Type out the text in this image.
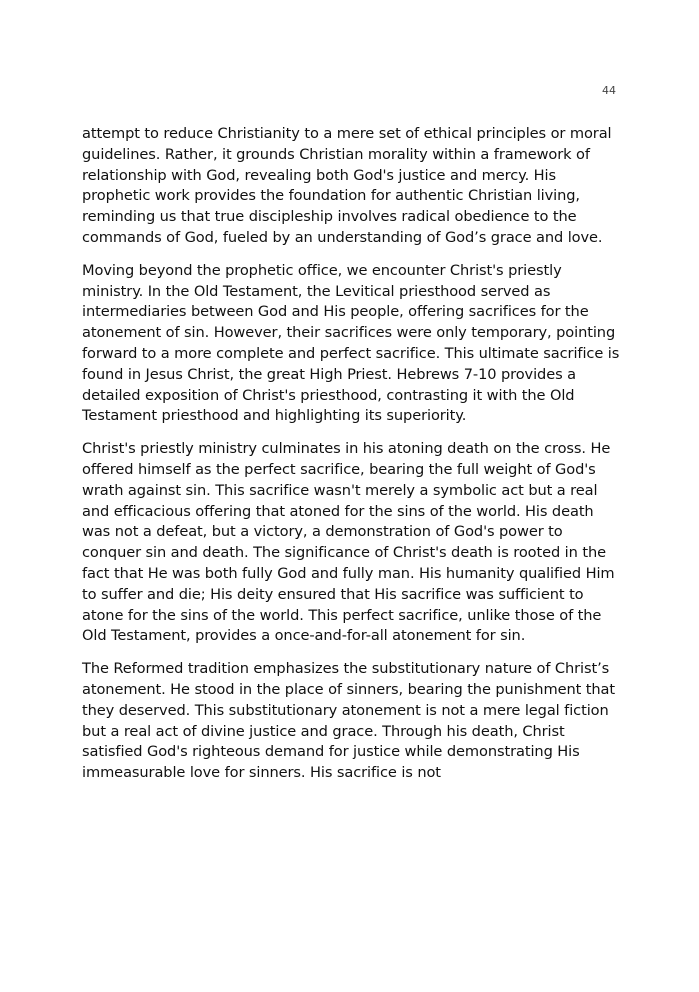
44

attempt to reduce Christianity to a mere set of ethical principles or moral guidelines. Rather, it grounds Christian morality within a framework of relationship with God, revealing both God's justice and mercy. His prophetic work provides the foundation for authentic Christian living, reminding us that true discipleship involves radical obedience to the commands of God, fueled by an understanding of God’s grace and love.

Moving beyond the prophetic office, we encounter Christ's priestly ministry. In the Old Testament, the Levitical priesthood served as intermediaries between God and His people, offering sacrifices for the atonement of sin. However, their sacrifices were only temporary, pointing forward to a more complete and perfect sacrifice. This ultimate sacrifice is found in Jesus Christ, the great High Priest. Hebrews 7-10 provides a detailed exposition of Christ's priesthood, contrasting it with the Old Testament priesthood and highlighting its superiority.

Christ's priestly ministry culminates in his atoning death on the cross. He offered himself as the perfect sacrifice, bearing the full weight of God's wrath against sin. This sacrifice wasn't merely a symbolic act but a real and efficacious offering that atoned for the sins of the world. His death was not a defeat, but a victory, a demonstration of God's power to conquer sin and death. The significance of Christ's death is rooted in the fact that He was both fully God and fully man. His humanity qualified Him to suffer and die; His deity ensured that His sacrifice was sufficient to atone for the sins of the world. This perfect sacrifice, unlike those of the Old Testament, provides a once-and-for-all atonement for sin.

The Reformed tradition emphasizes the substitutionary nature of Christ’s atonement. He stood in the place of sinners, bearing the punishment that they deserved. This substitutionary atonement is not a mere legal fiction but a real act of divine justice and grace. Through his death, Christ satisfied God's righteous demand for justice while demonstrating His immeasurable love for sinners. His sacrifice is not
